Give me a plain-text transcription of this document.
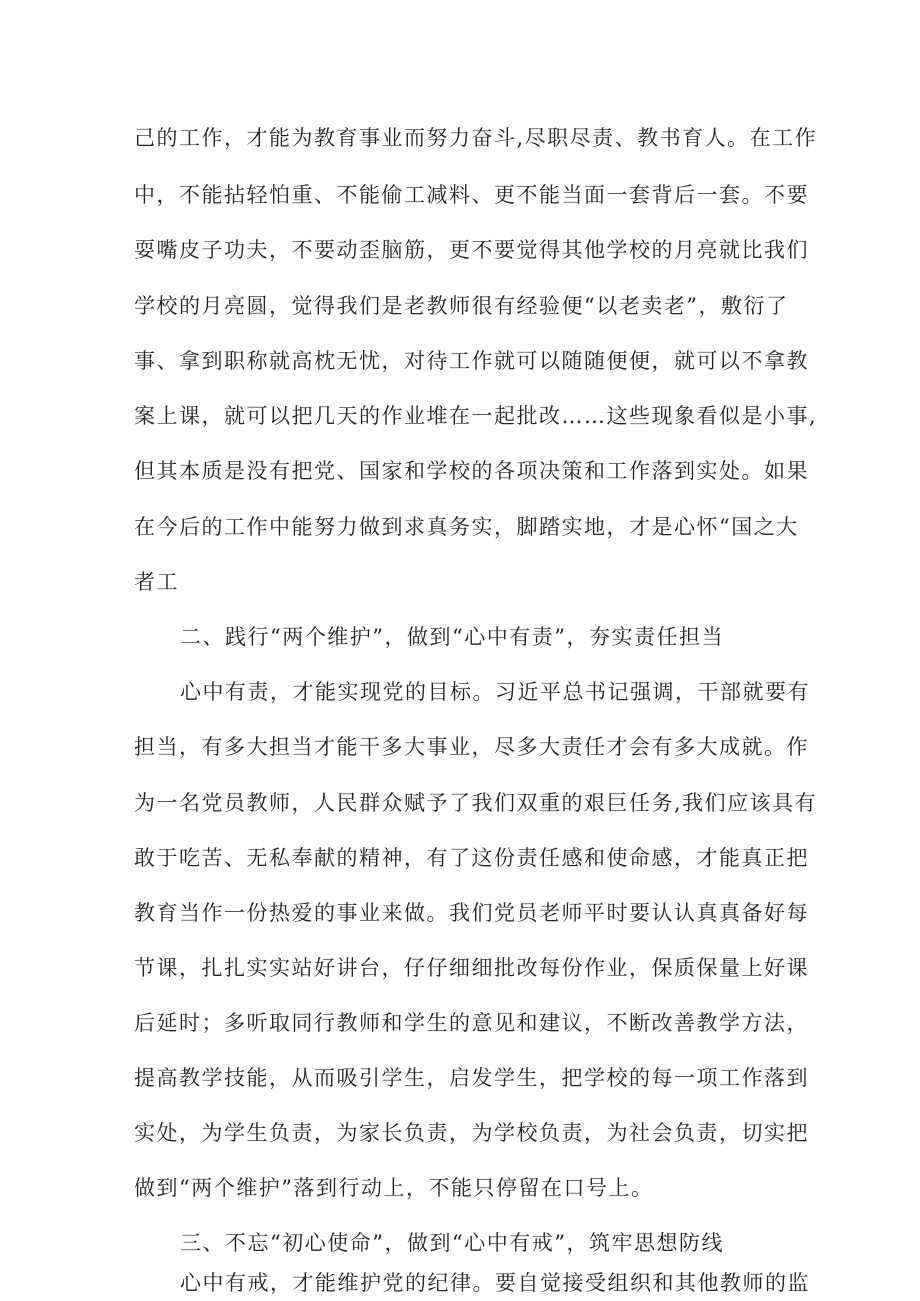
己的工作，才能为教育事业而努力奋斗,尽职尽责、教书育人。在工作
中，不能拈轻怕重、不能偷工减料、更不能当面一套背后一套。不要
耍嘴皮子功夫，不要动歪脑筋，更不要觉得其他学校的月亮就比我们
学校的月亮圆，觉得我们是老教师很有经验便“以老卖老”，敷衍了
事、拿到职称就高枕无忧，对待工作就可以随随便便，就可以不拿教
案上课，就可以把几天的作业堆在一起批改……这些现象看似是小事,
但其本质是没有把党、国家和学校的各项决策和工作落到实处。如果
在今后的工作中能努力做到求真务实，脚踏实地，才是心怀“国之大
者工
二、践行“两个维护”，做到“心中有责”，夯实责任担当
心中有责，才能实现党的目标。习近平总书记强调，干部就要有
担当，有多大担当才能干多大事业，尽多大责任才会有多大成就。作
为一名党员教师，人民群众赋予了我们双重的艰巨任务,我们应该具有
敢于吃苦、无私奉献的精神，有了这份责任感和使命感，才能真正把
教育当作一份热爱的事业来做。我们党员老师平时要认认真真备好每
节课，扎扎实实站好讲台，仔仔细细批改每份作业，保质保量上好课
后延时；多听取同行教师和学生的意见和建议，不断改善教学方法，
提高教学技能，从而吸引学生，启发学生，把学校的每一项工作落到
实处，为学生负责，为家长负责，为学校负责，为社会负责，切实把
做到“两个维护”落到行动上，不能只停留在口号上。
三、不忘“初心使命”，做到“心中有戒”，筑牢思想防线
心中有戒，才能维护党的纪律。要自觉接受组织和其他教师的监
